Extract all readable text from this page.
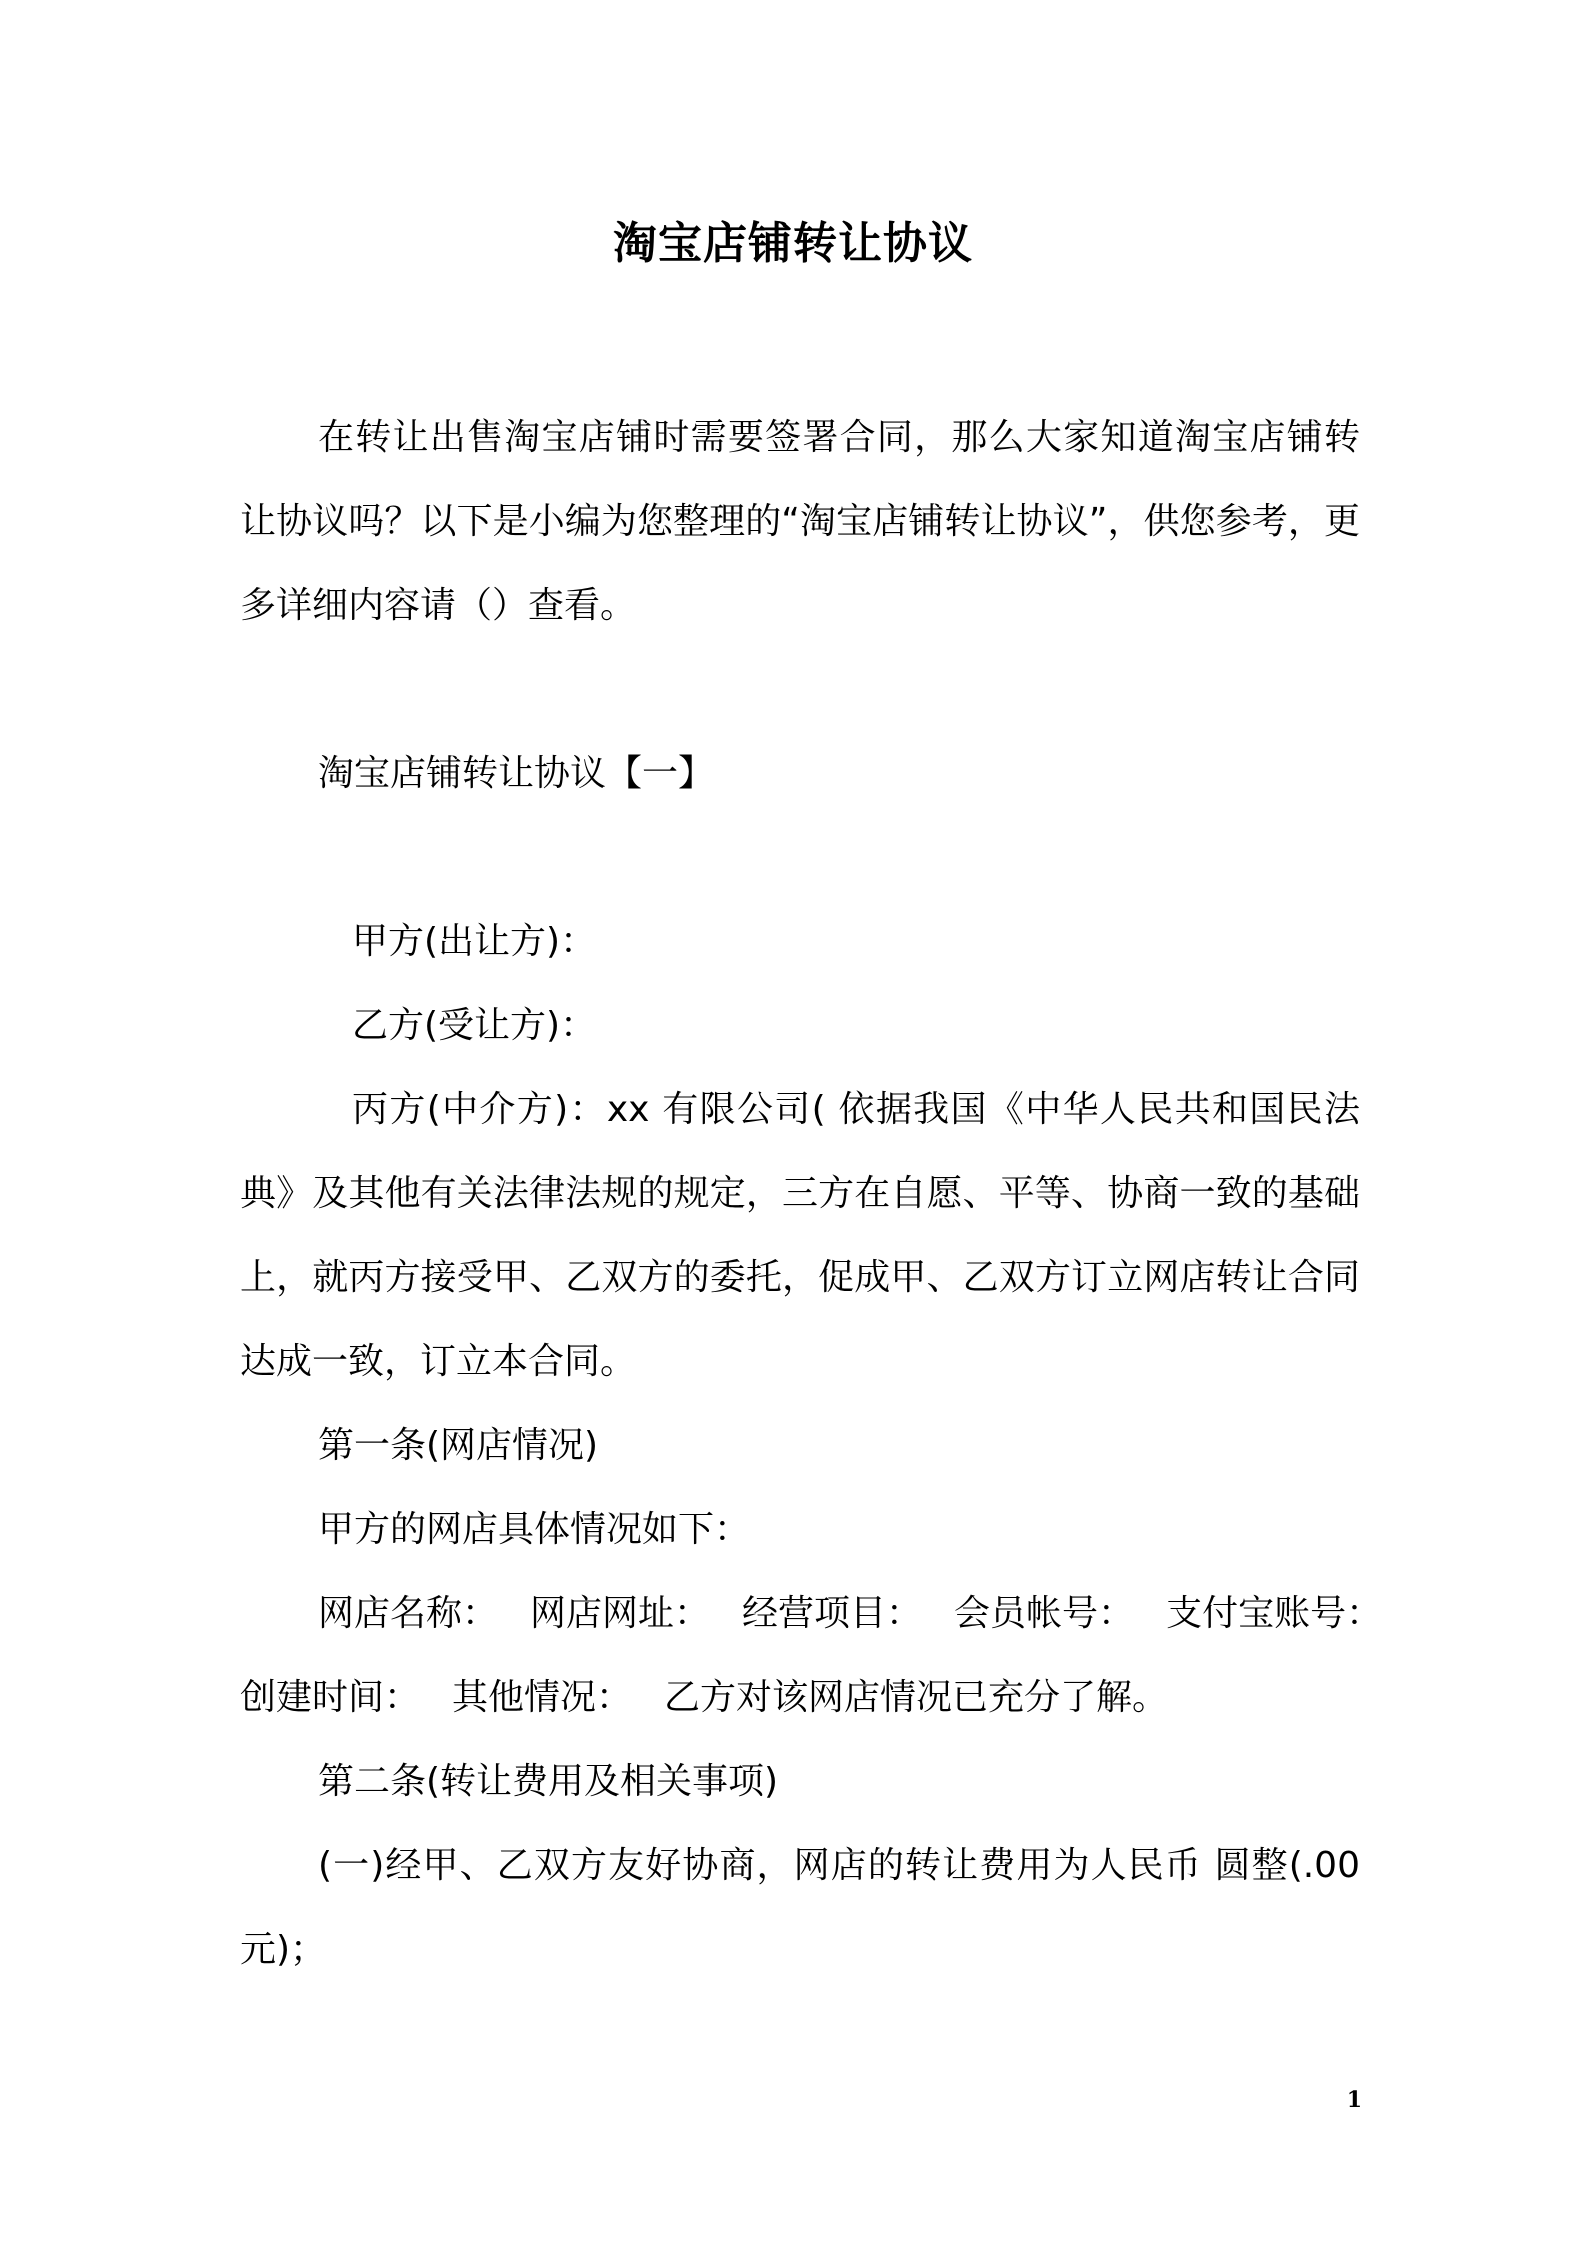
淘宝店铺转让协议
在转让出售淘宝店铺时需要签署合同，那么大家知道淘宝店铺转让协议吗？以下是小编为您整理的“淘宝店铺转让协议”，供您参考，更多详细内容请（）查看。
淘宝店铺转让协议【一】
甲方(出让方)：
乙方(受让方)：
丙方(中介方)：xx 有限公司( 依据我国《中华人民共和国民法典》及其他有关法律法规的规定，三方在自愿、平等、协商一致的基础上，就丙方接受甲、乙双方的委托，促成甲、乙双方订立网店转让合同达成一致，订立本合同。
第一条(网店情况)
甲方的网店具体情况如下：
网店名称： 网店网址： 经营项目： 会员帐号： 支付宝账号：
创建时间： 其他情况： 乙方对该网店情况已充分了解。
第二条(转让费用及相关事项)
(一)经甲、乙双方友好协商，网店的转让费用为人民币 圆整(.00元)；
1
